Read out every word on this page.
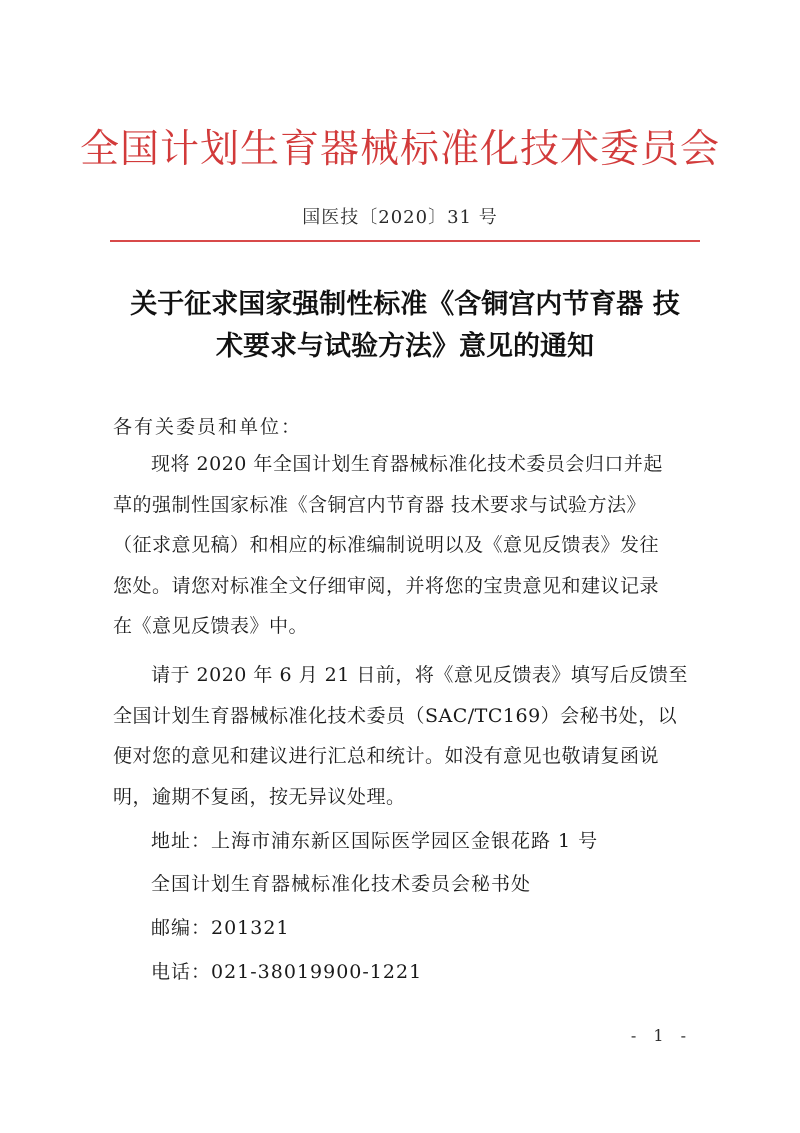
全国计划生育器械标准化技术委员会
国医技〔2020〕31 号
关于征求国家强制性标准《含铜宫内节育器 技
术要求与试验方法》意见的通知
各有关委员和单位：
现将 2020 年全国计划生育器械标准化技术委员会归口并起
草的强制性国家标准《含铜宫内节育器 技术要求与试验方法》
（征求意见稿）和相应的标准编制说明以及《意见反馈表》发往
您处。请您对标准全文仔细审阅，并将您的宝贵意见和建议记录
在《意见反馈表》中。
请于 2020 年 6 月 21 日前，将《意见反馈表》填写后反馈至
全国计划生育器械标准化技术委员（SAC/TC169）会秘书处，以
便对您的意见和建议进行汇总和统计。如没有意见也敬请复函说
明，逾期不复函，按无异议处理。
地址：上海市浦东新区国际医学园区金银花路 1 号
全国计划生育器械标准化技术委员会秘书处
邮编：201321
电话：021-38019900-1221
- 1 -
